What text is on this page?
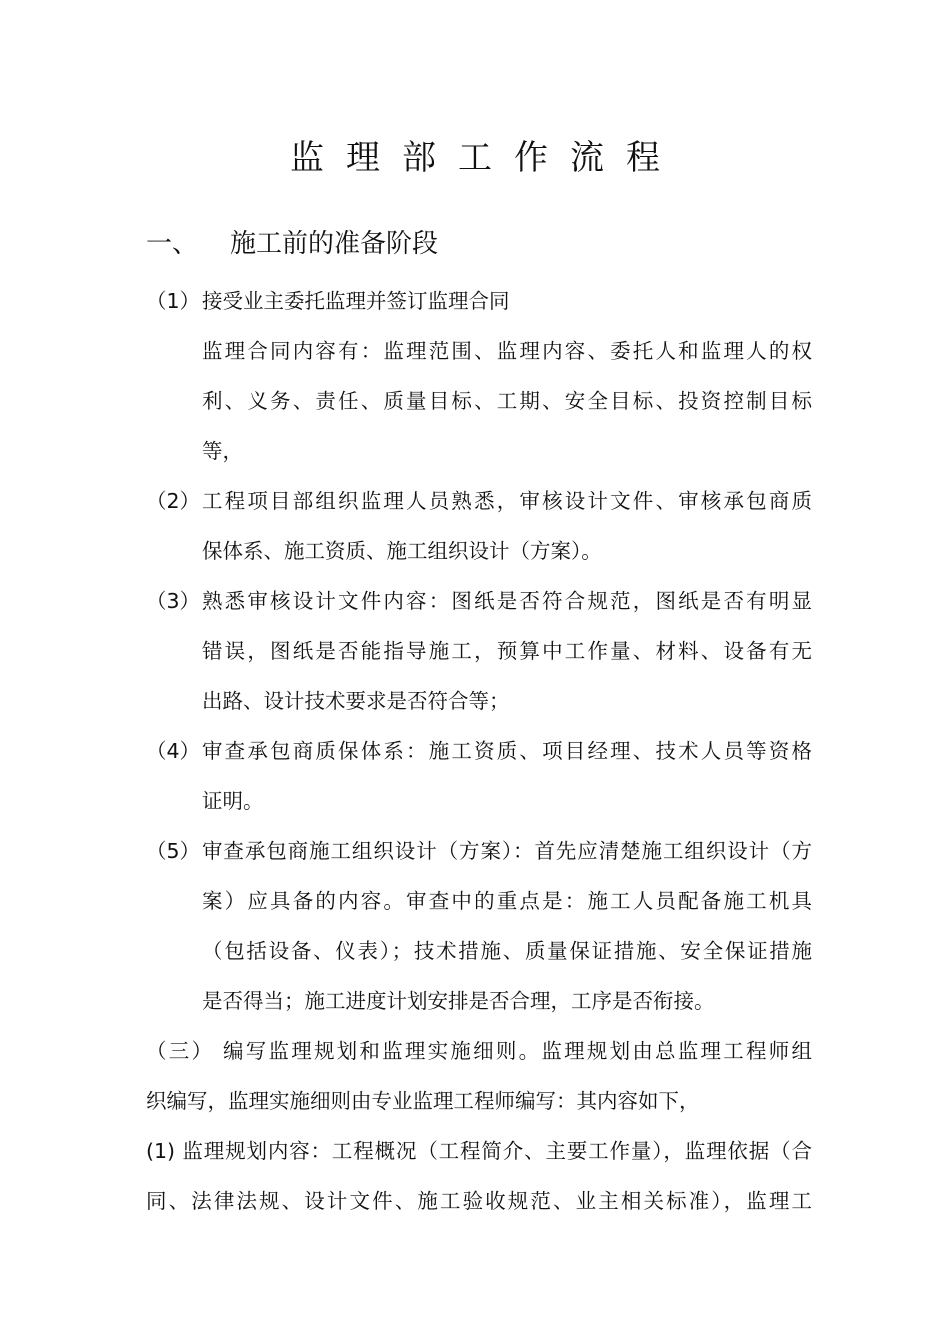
监理部工作流程
一、 施工前的准备阶段
（1） 接受业主委托监理并签订监理合同
监理合同内容有：监理范围、监理内容、委托人和监理人的权
利、义务、责任、质量目标、工期、安全目标、投资控制目标
等，
（2） 工程项目部组织监理人员熟悉，审核设计文件、审核承包商质
保体系、施工资质、施工组织设计（方案）。
（3） 熟悉审核设计文件内容：图纸是否符合规范，图纸是否有明显
错误，图纸是否能指导施工，预算中工作量、材料、设备有无
出路、设计技术要求是否符合等；
（4） 审查承包商质保体系：施工资质、项目经理、技术人员等资格
证明。
（5） 审查承包商施工组织设计（方案）：首先应清楚施工组织设计（方
案）应具备的内容。审查中的重点是：施工人员配备施工机具
（包括设备、仪表）；技术措施、质量保证措施、安全保证措施
是否得当；施工进度计划安排是否合理，工序是否衔接。
（三） 编写监理规划和监理实施细则。监理规划由总监理工程师组
织编写，监理实施细则由专业监理工程师编写：其内容如下，
(1) 监理规划内容：工程概况（工程简介、主要工作量），监理依据（合
同、法律法规、设计文件、施工验收规范、业主相关标准），监理工
